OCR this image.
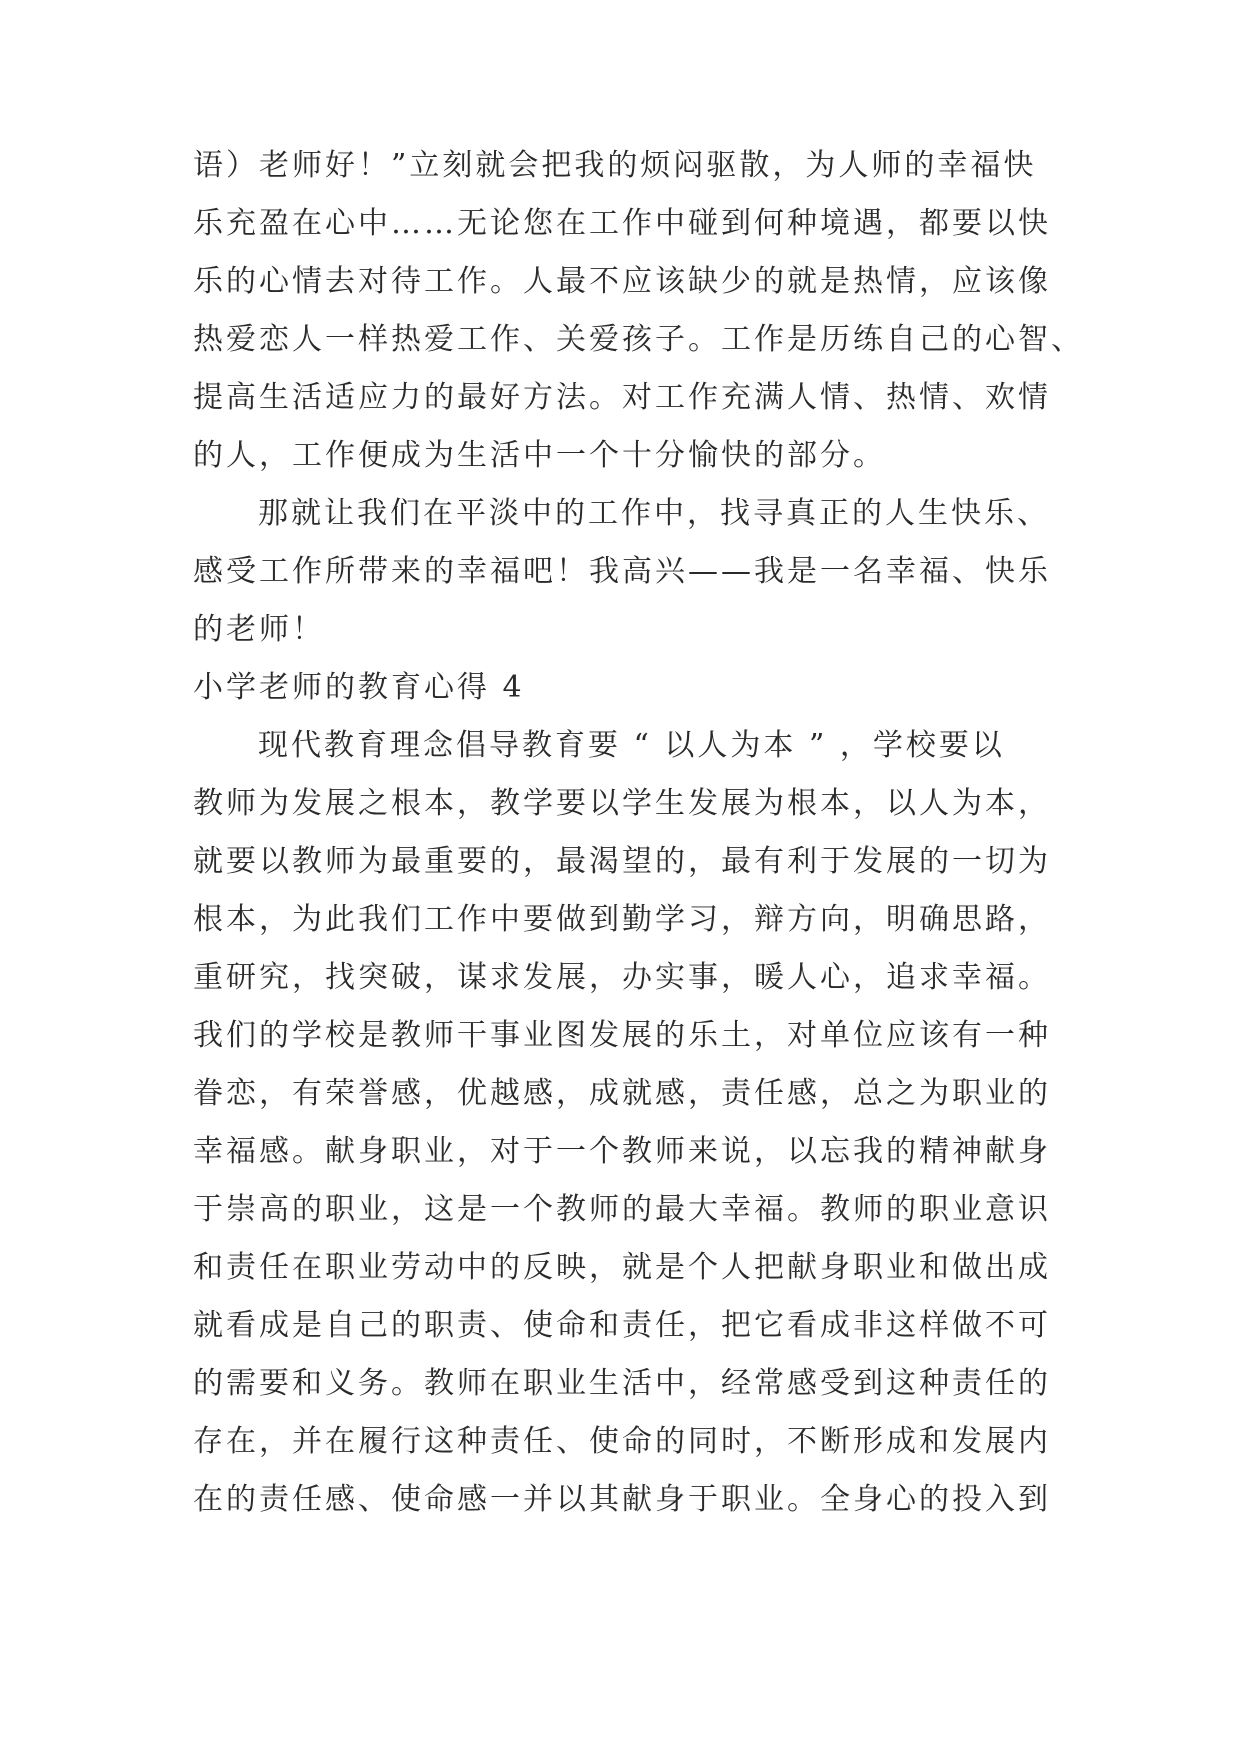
语）老师好！”立刻就会把我的烦闷驱散，为人师的幸福快

乐充盈在心中……无论您在工作中碰到何种境遇，都要以快

乐的心情去对待工作。人最不应该缺少的就是热情，应该像

热爱恋人一样热爱工作、关爱孩子。工作是历练自己的心智、

提高生活适应力的最好方法。对工作充满人情、热情、欢情

的人，工作便成为生活中一个十分愉快的部分。

那就让我们在平淡中的工作中，找寻真正的人生快乐、

感受工作所带来的幸福吧！我高兴——我是一名幸福、快乐

的老师！

小学老师的教育心得 4

现代教育理念倡导教育要 “ 以人为本 ” ，学校要以

教师为发展之根本，教学要以学生发展为根本，以人为本，

就要以教师为最重要的，最渴望的，最有利于发展的一切为

根本，为此我们工作中要做到勤学习，辩方向，明确思路，

重研究，找突破，谋求发展，办实事，暖人心，追求幸福。

我们的学校是教师干事业图发展的乐土，对单位应该有一种

眷恋，有荣誉感，优越感，成就感，责任感，总之为职业的

幸福感。献身职业，对于一个教师来说，以忘我的精神献身

于崇高的职业，这是一个教师的最大幸福。教师的职业意识

和责任在职业劳动中的反映，就是个人把献身职业和做出成

就看成是自己的职责、使命和责任，把它看成非这样做不可

的需要和义务。教师在职业生活中，经常感受到这种责任的

存在，并在履行这种责任、使命的同时，不断形成和发展内

在的责任感、使命感一并以其献身于职业。全身心的投入到
